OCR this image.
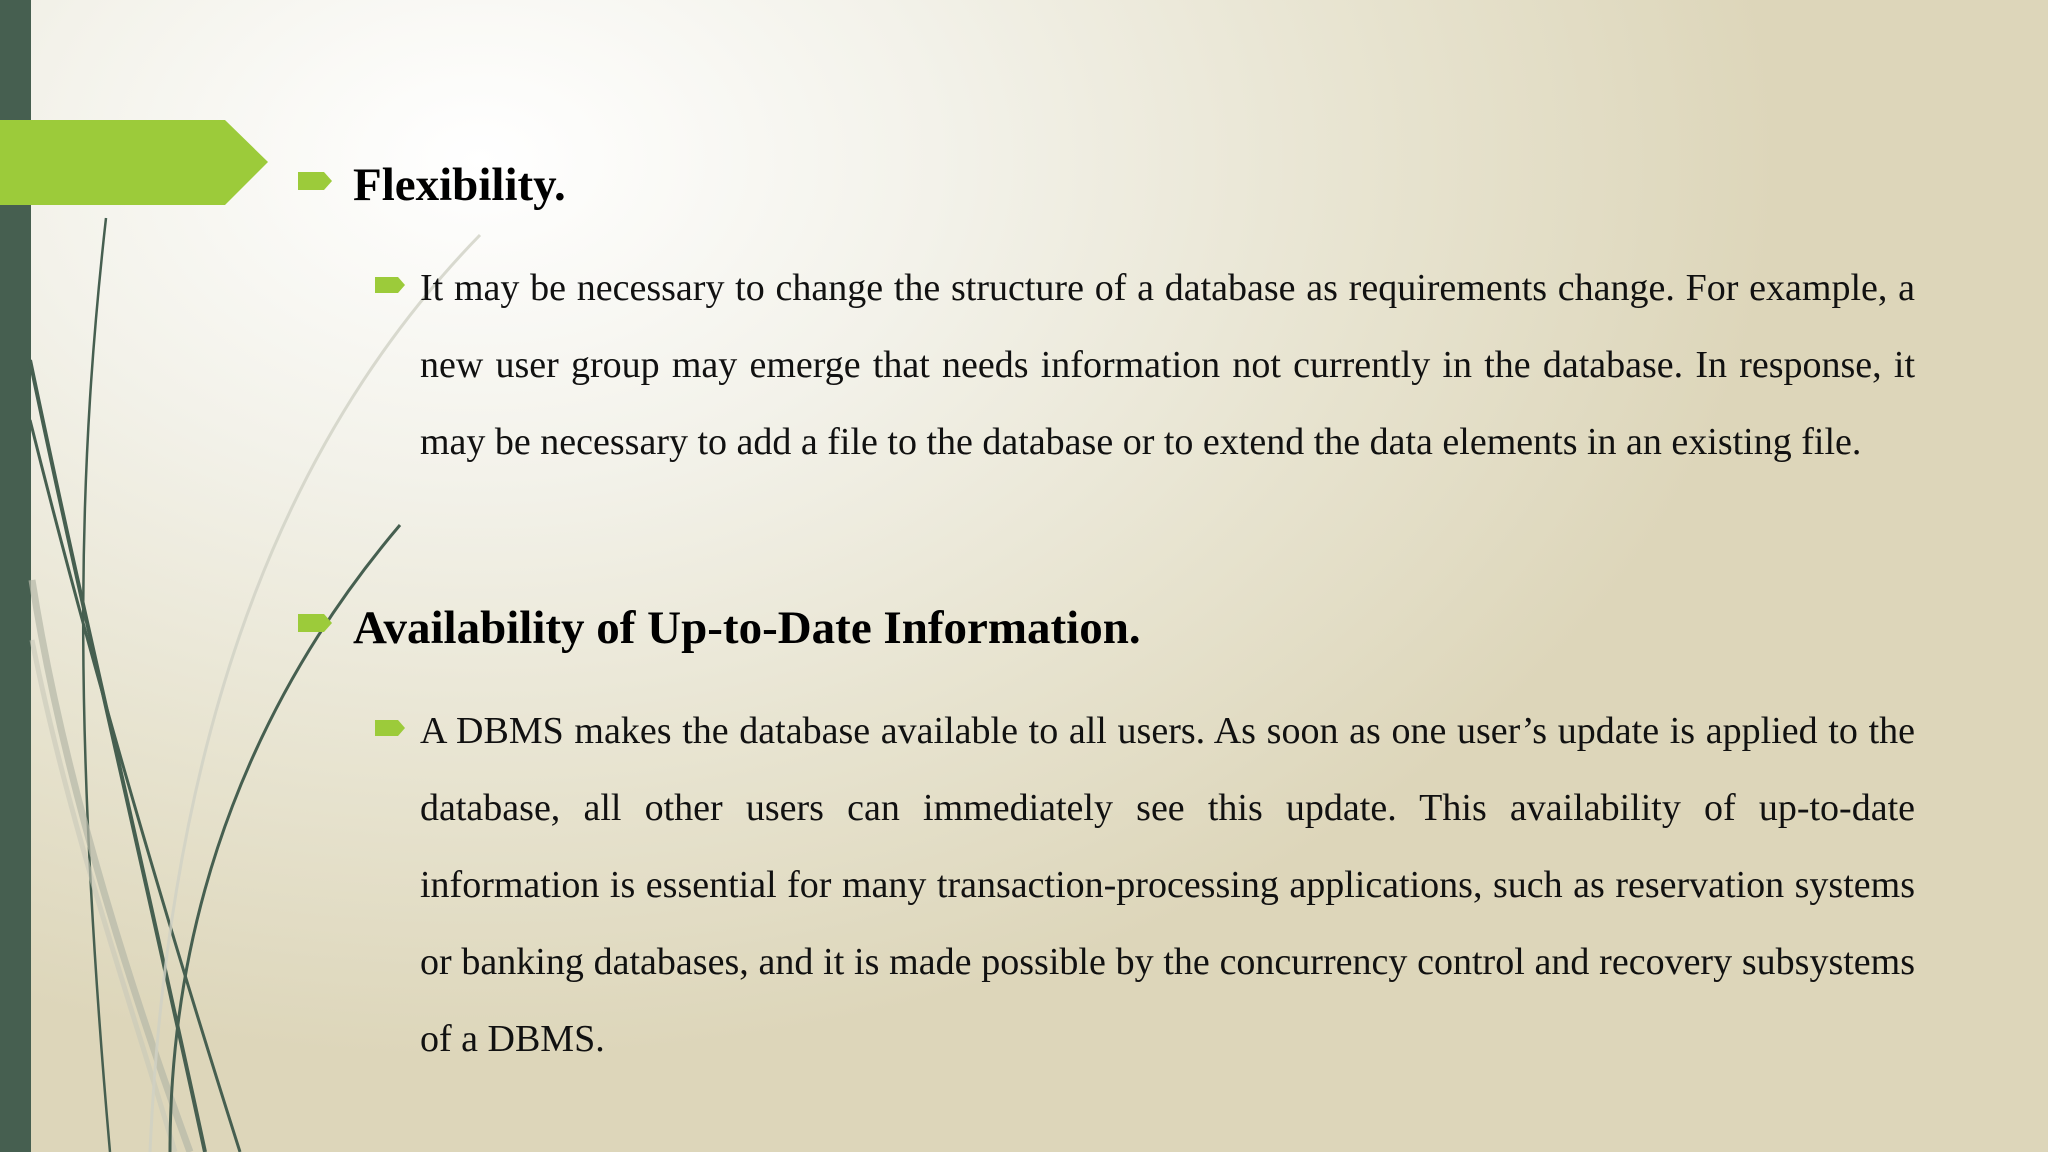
Flexibility.

It may be necessary to change the structure of a database as requirements change. For example, a new user group may emerge that needs information not currently in the database. In response, it may be necessary to add a file to the database or to extend the data elements in an existing file.

Availability of Up-to-Date Information.

A DBMS makes the database available to all users. As soon as one user’s update is applied to the database, all other users can immediately see this update. This availability of up-to-date information is essential for many transaction-processing applications, such as reservation systems or banking databases, and it is made possible by the concurrency control and recovery subsystems of a DBMS.
